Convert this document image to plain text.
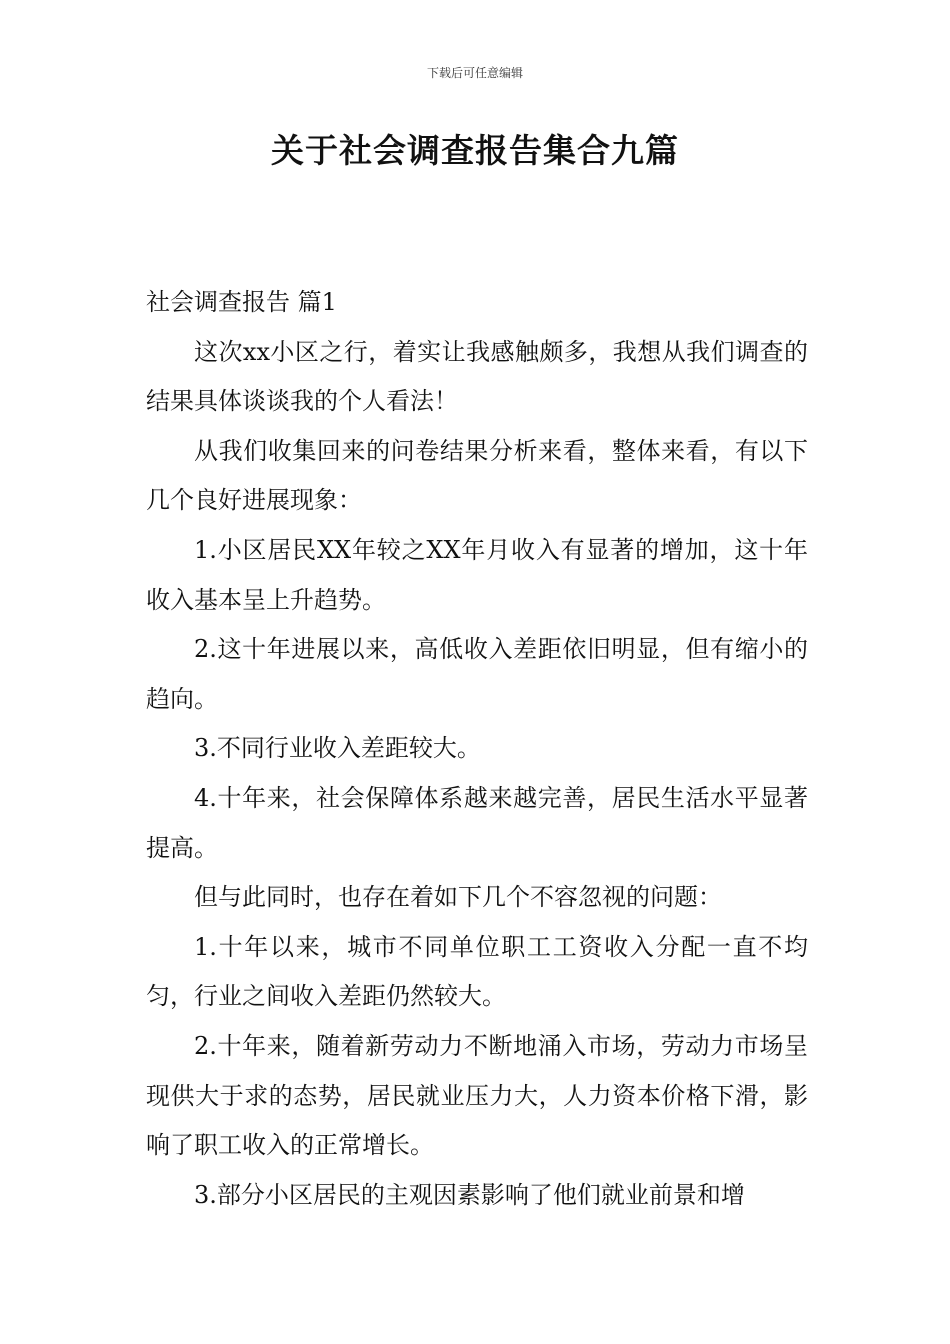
下载后可任意编辑
关于社会调查报告集合九篇

社会调查报告 篇1

这次xx小区之行，着实让我感触颇多，我想从我们调查的结果具体谈谈我的个人看法！

从我们收集回来的问卷结果分析来看，整体来看，有以下几个良好进展现象：

1.小区居民XX年较之XX年月收入有显著的增加，这十年收入基本呈上升趋势。

2.这十年进展以来，高低收入差距依旧明显，但有缩小的趋向。

3.不同行业收入差距较大。

4.十年来，社会保障体系越来越完善，居民生活水平显著提高。

但与此同时，也存在着如下几个不容忽视的问题：

1.十年以来，城市不同单位职工工资收入分配一直不均匀，行业之间收入差距仍然较大。

2.十年来，随着新劳动力不断地涌入市场，劳动力市场呈现供大于求的态势，居民就业压力大，人力资本价格下滑，影响了职工收入的正常增长。

3.部分小区居民的主观因素影响了他们就业前景和增
